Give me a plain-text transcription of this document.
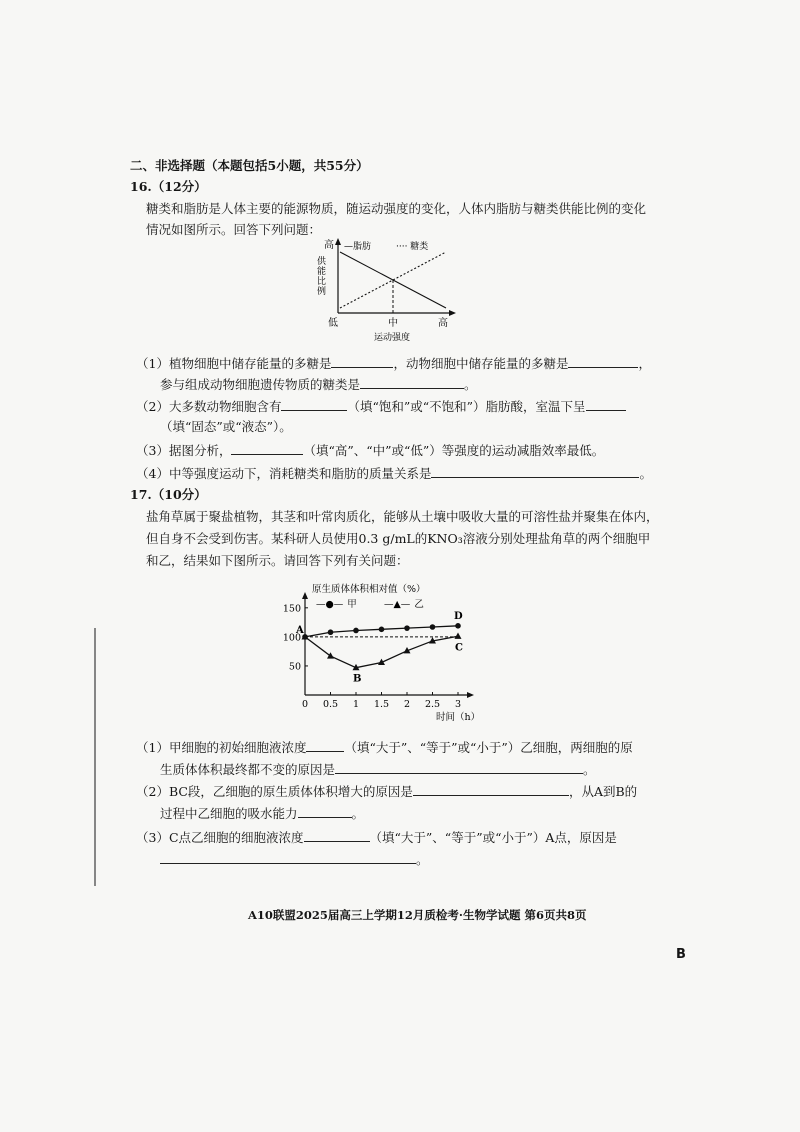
二、非选择题（本题包括5小题，共55分）
16.（12分）
糖类和脂肪是人体主要的能源物质，随运动强度的变化，人体内脂肪与糖类供能比例的变化
情况如图所示。回答下列问题：
高
供能比例
—脂肪	···· 糖类
低	中	高
运动强度
（1）植物细胞中储存能量的多糖是	，动物细胞中储存能量的多糖是	，
参与组成动物细胞遗传物质的糖类是	。
（2）大多数动物细胞含有	（填“饱和”或“不饱和”）脂肪酸，室温下呈
（填“固态”或“液态”）。
（3）据图分析，	（填“高”、“中”或“低”）等强度的运动减脂效率最低。
（4）中等强度运动下，消耗糖类和脂肪的质量关系是	。
17.（10分）
盐角草属于聚盐植物，其茎和叶常肉质化，能够从土壤中吸收大量的可溶性盐并聚集在体内，
但自身不会受到伤害。某科研人员使用0.3 g/mL的KNO₃溶液分别处理盐角草的两个细胞甲
和乙，结果如下图所示。请回答下列有关问题：
原生质体体积相对值（%）
—●— 甲	—▲— 乙
50
100
150
0 0.5 1 1.5 2 2.5 3
时间（h）
A
B
C
D
（1）甲细胞的初始细胞液浓度	（填“大于”、“等于”或“小于”）乙细胞，两细胞的原
生质体体积最终都不变的原因是	。
（2）BC段，乙细胞的原生质体体积增大的原因是	，从A到B的
过程中乙细胞的吸水能力	。
（3）C点乙细胞的细胞液浓度	（填“大于”、“等于”或“小于”）A点，原因是
。
A10联盟2025届高三上学期12月质检考·生物学试题 第6页共8页
B
